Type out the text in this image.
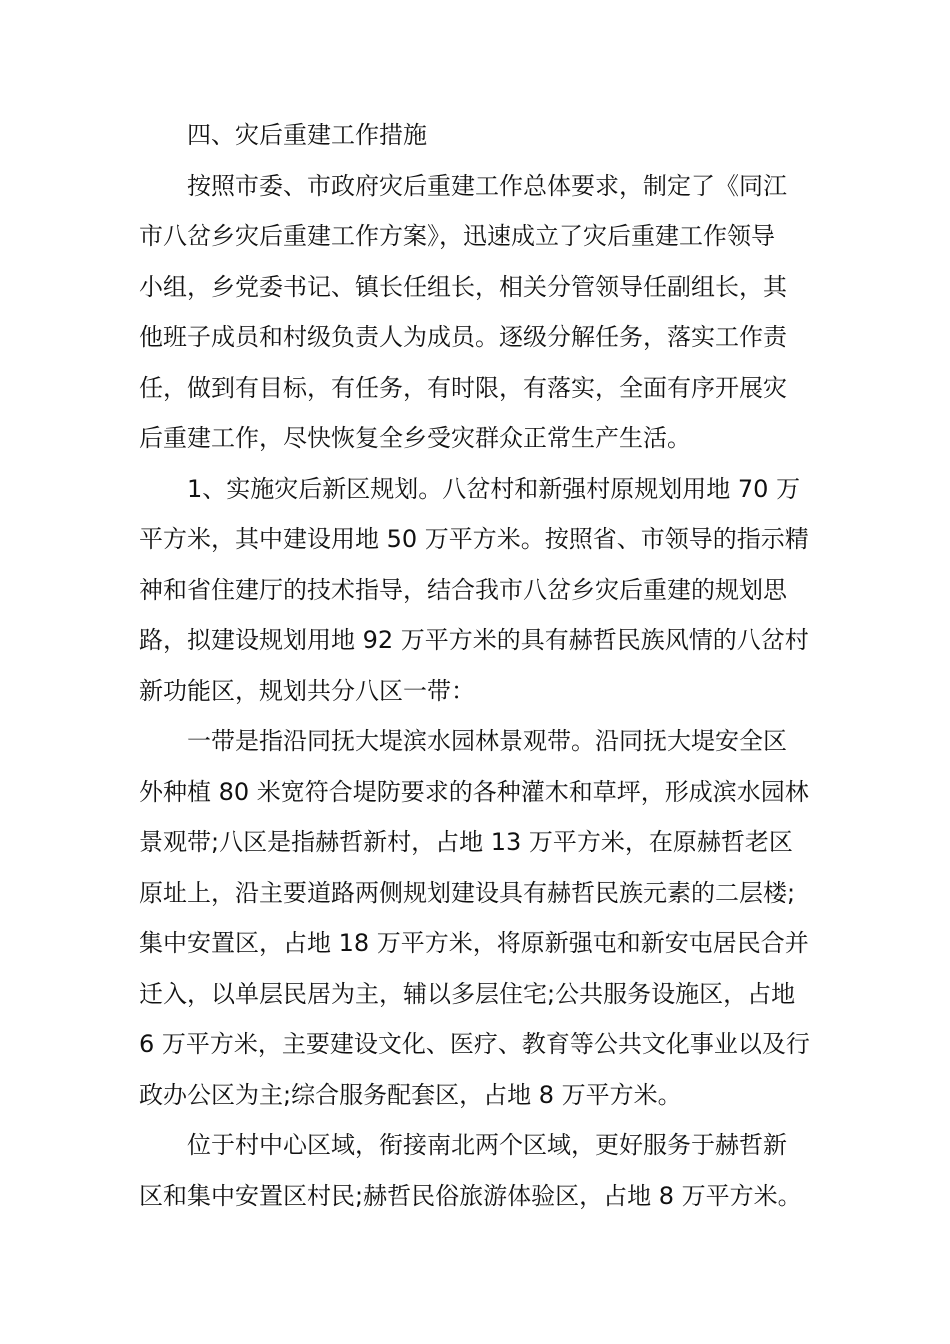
四、灾后重建工作措施
按照市委、市政府灾后重建工作总体要求，制定了《同江
市八岔乡灾后重建工作方案》，迅速成立了灾后重建工作领导
小组，乡党委书记、镇长任组长，相关分管领导任副组长，其
他班子成员和村级负责人为成员。逐级分解任务，落实工作责
任，做到有目标，有任务，有时限，有落实，全面有序开展灾
后重建工作，尽快恢复全乡受灾群众正常生产生活。
1、实施灾后新区规划。八岔村和新强村原规划用地 70 万
平方米，其中建设用地 50 万平方米。按照省、市领导的指示精
神和省住建厅的技术指导，结合我市八岔乡灾后重建的规划思
路，拟建设规划用地 92 万平方米的具有赫哲民族风情的八岔村
新功能区，规划共分八区一带：
一带是指沿同抚大堤滨水园林景观带。沿同抚大堤安全区
外种植 80 米宽符合堤防要求的各种灌木和草坪，形成滨水园林
景观带;八区是指赫哲新村，占地 13 万平方米，在原赫哲老区
原址上，沿主要道路两侧规划建设具有赫哲民族元素的二层楼;
集中安置区，占地 18 万平方米，将原新强屯和新安屯居民合并
迁入，以单层民居为主，辅以多层住宅;公共服务设施区，占地
6 万平方米，主要建设文化、医疗、教育等公共文化事业以及行
政办公区为主;综合服务配套区，占地 8 万平方米。
位于村中心区域，衔接南北两个区域，更好服务于赫哲新
区和集中安置区村民;赫哲民俗旅游体验区，占地 8 万平方米。
